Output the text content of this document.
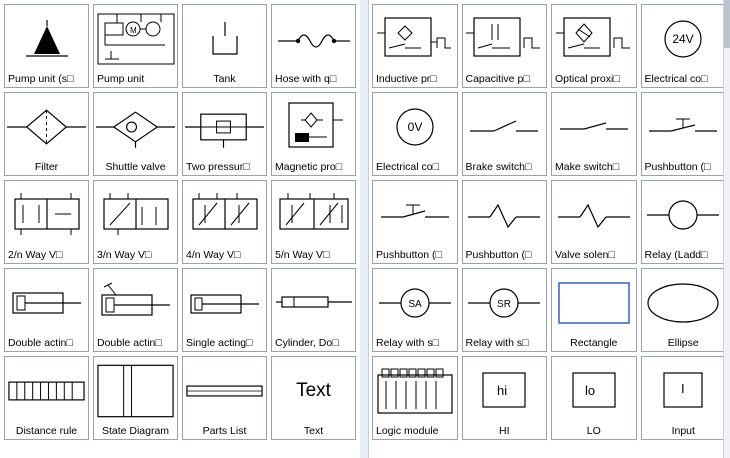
Pump unit (s□
M
Pump unit	Tank	Hose with q□
Filter	Shuttle valve	Two pressur□	Magnetic pro□
2/n Way V□	3/n Way V□	4/n Way V□	5/n Way V□
Double actin□	Double actin□	Single acting□	Cylinder, Do□
Distance rule	State Diagram	Parts List
Text
Text
Inductive pr□	Capacitive p□	Optical proxi□
24V
Electrical co□
0V
Electrical co□	Brake switch□	Make switch□	Pushbutton (□
Pushbutton (□	Pushbutton (□	Valve solen□	Relay (Ladd□
SA
Relay with s□
SR
Relay with s□	Rectangle	Ellipse
Logic module
hi
HI
lo
LO
I
Input
